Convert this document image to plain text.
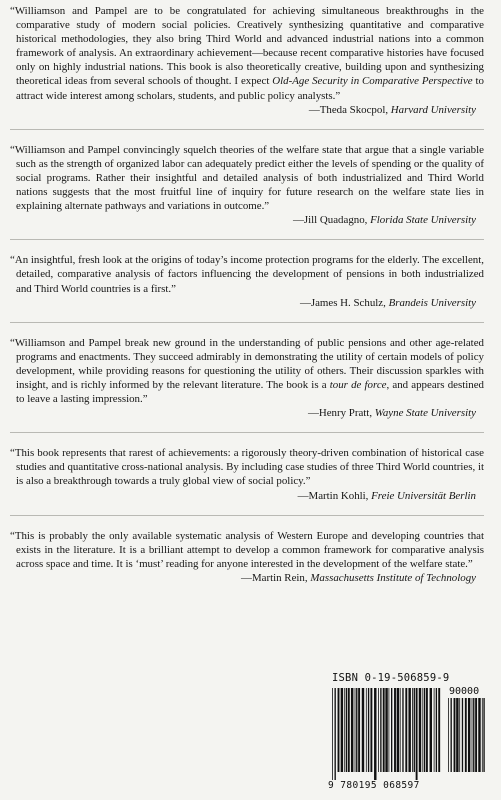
“Williamson and Pampel are to be congratulated for achieving simultaneous breakthroughs in the comparative study of modern social policies. Creatively synthesizing quantitative and comparative historical methodologies, they also bring Third World and advanced industrial nations into a common framework of analysis. An extraordinary achievement—because recent comparative histories have focused only on highly industrial nations. This book is also theoretically creative, building upon and synthesizing theoretical ideas from several schools of thought. I expect Old-Age Security in Comparative Perspective to attract wide interest among scholars, students, and public policy analysts.”

—Theda Skocpol, Harvard University

“Williamson and Pampel convincingly squelch theories of the welfare state that argue that a single variable such as the strength of organized labor can adequately predict either the levels of spending or the quality of social programs. Rather their insightful and detailed analysis of both industrialized and Third World nations suggests that the most fruitful line of inquiry for future research on the welfare state lies in explaining alternate pathways and variations in outcome.”

—Jill Quadagno, Florida State University

“An insightful, fresh look at the origins of today’s income protection programs for the elderly. The excellent, detailed, comparative analysis of factors influencing the development of pensions in both industrialized and Third World countries is a first.”

—James H. Schulz, Brandeis University

“Williamson and Pampel break new ground in the understanding of public pensions and other age-related programs and enactments. They succeed admirably in demonstrating the utility of certain models of policy development, while providing reasons for questioning the utility of others. Their discussion sparkles with insight, and is richly informed by the relevant literature. The book is a tour de force, and appears destined to leave a lasting impression.”

—Henry Pratt, Wayne State University

“This book represents that rarest of achievements: a rigorously theory-driven combination of historical case studies and quantitative cross-national analysis. By including case studies of three Third World countries, it is also a breakthrough towards a truly global view of social policy.”

—Martin Kohli, Freie Universität Berlin

“This is probably the only available systematic analysis of Western Europe and developing countries that exists in the literature. It is a brilliant attempt to develop a common framework for comparative analysis across space and time. It is ‘must’ reading for anyone interested in the development of the welfare state.”

—Martin Rein, Massachusetts Institute of Technology

ISBN 0-19-506859-9
90000
9 780195 068597
